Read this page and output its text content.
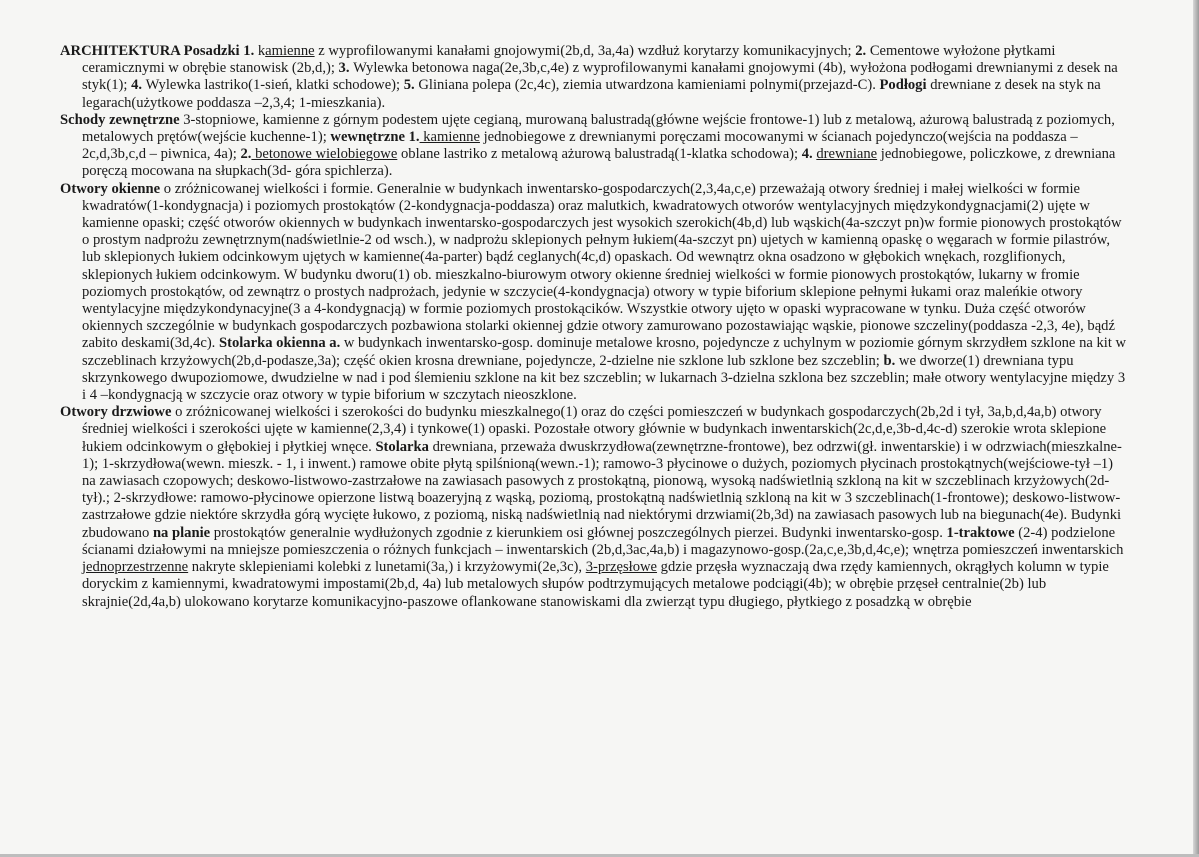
ARCHITEKTURA Posadzki 1. kamienne z wyprofilowanymi kanałami gnojowymi(2b,d, 3a,4a) wzdłuż korytarzy komunikacyjnych; 2. Cementowe wyłożone płytkami ceramicznymi w obrębie stanowisk (2b,d,); 3. Wylewka betonowa naga(2e,3b,c,4e) z wyprofilowanymi kanałami gnojowymi (4b), wyłożona podłogami drewnianymi z desek na styk(1); 4. Wylewka lastriko(1-sień, klatki schodowe); 5. Gliniana polepa (2c,4c), ziemia utwardzona kamieniami polnymi(przejazd-C). Podłogi drewniane z desek na styk na legarach(użytkowe poddasza –2,3,4; 1-mieszkania).

Schody zewnętrzne 3-stopniowe, kamienne z górnym podestem ujęte cegianą, murowaną balustradą(główne wejście frontowe-1) lub z metalową, ażurową balustradą z poziomych, metalowych prętów(wejście kuchenne-1); wewnętrzne 1. kamienne jednobiegowe z drewnianymi poręczami mocowanymi w ścianach pojedynczo(wejścia na poddasza –2c,d,3b,c,d – piwnica, 4a); 2. betonowe wielobiegowe oblane lastriko z metalową ażurową balustradą(1-klatka schodowa); 4. drewniane jednobiegowe, policzkowe, z drewniana poręczą mocowana na słupkach(3d- góra spichlerza).

Otwory okienne o zróżnicowanej wielkości i formie. Generalnie w budynkach inwentarsko-gospodarczych(2,3,4a,c,e) przeważają otwory średniej i małej wielkości w formie kwadratów(1-kondygnacja) i poziomych prostokątów (2-kondygnacja-poddasza) oraz malutkich, kwadratowych otworów wentylacyjnych międzykondygnacjami(2) ujęte w kamienne opaski; część otworów okiennych w budynkach inwentarsko-gospodarczych jest wysokich szerokich(4b,d) lub wąskich(4a-szczyt pn)w formie pionowych prostokątów o prostym nadprożu zewnętrznym(nadświetlnie-2 od wsch.), w nadprożu sklepionych pełnym łukiem(4a-szczyt pn) ujetych w kamienną opaskę o węgarach w formie pilastrów, lub sklepionych łukiem odcinkowym ujętych w kamienne(4a-parter) bądź ceglanych(4c,d) opaskach. Od wewnątrz okna osadzono w głębokich wnękach, rozglifionych, sklepionych łukiem odcinkowym. W budynku dworu(1) ob. mieszkalno-biurowym otwory okienne średniej wielkości w formie pionowych prostokątów, lukarny w fromie poziomych prostokątów, od zewnątrz o prostych nadprożach, jedynie w szczycie(4-kondygnacja) otwory w typie biforium sklepione pełnymi łukami oraz maleńkie otwory wentylacyjne międzykondynacyjne(3 a 4-kondygnacją) w formie poziomych prostokącików. Wszystkie otwory ujęto w opaski wypracowane w tynku. Duża część otworów okiennych szczególnie w budynkach gospodarczych pozbawiona stolarki okiennej gdzie otwory zamurowano pozostawiając wąskie, pionowe szczeliny(poddasza -2,3, 4e), bądź zabito deskami(3d,4c). Stolarka okienna a. w budynkach inwentarsko-gosp. dominuje metalowe krosno, pojedyncze z uchylnym w poziomie górnym skrzydłem szklone na kit w szczeblinach krzyżowych(2b,d-podasze,3a); część okien krosna drewniane, pojedyncze, 2-dzielne nie szklone lub szklone bez szczeblin; b. we dworze(1) drewniana typu skrzynkowego dwupoziomowe, dwudzielne w nad i pod ślemieniu szklone na kit bez szczeblin; w lukarnach 3-dzielna szklona bez szczeblin; małe otwory wentylacyjne między 3 i 4 –kondygnacją w szczycie oraz otwory w typie biforium w szczytach nieoszklone.

Otwory drzwiowe o zróżnicowanej wielkości i szerokości do budynku mieszkalnego(1) oraz do części pomieszczeń w budynkach gospodarczych(2b,2d i tył, 3a,b,d,4a,b) otwory średniej wielkości i szerokości ujęte w kamienne(2,3,4) i tynkowe(1) opaski. Pozostałe otwory głównie w budynkach inwentarskich(2c,d,e,3b-d,4c-d) szerokie wrota sklepione łukiem odcinkowym o głębokiej i płytkiej wnęce. Stolarka drewniana, przeważa dwuskrzydłowa(zewnętrzne-frontowe), bez odrzwi(gł. inwentarskie) i w odrzwiach(mieszkalne-1); 1-skrzydłowa(wewn. mieszk. - 1, i inwent.) ramowe obite płytą spilśnioną(wewn.-1); ramowo-3 płycinowe o dużych, poziomych płycinach prostokątnych(wejściowe-tył –1) na zawiasach czopowych; deskowo-listwowo-zastrzałowe na zawiasach pasowych z prostokątną, pionową, wysoką nadświetlnią szkloną na kit w szczeblinach krzyżowych(2d-tył).; 2-skrzydłowe: ramowo-płycinowe opierzone listwą boazeryjną z wąską, poziomą, prostokątną nadświetlnią szkloną na kit w 3 szczeblinach(1-frontowe); deskowo-listwow-zastrzałowe gdzie niektóre skrzydła górą wycięte łukowo, z poziomą, niską nadświetlnią nad niektórymi drzwiami(2b,3d) na zawiasach pasowych lub na biegunach(4e). Budynki zbudowano na planie prostokątów generalnie wydłużonych zgodnie z kierunkiem osi głównej poszczególnych pierzei. Budynki inwentarsko-gosp. 1-traktowe (2-4) podzielone ścianami działowymi na mniejsze pomieszczenia o różnych funkcjach – inwentarskich (2b,d,3ac,4a,b) i magazynowo-gosp.(2a,c,e,3b,d,4c,e); wnętrza pomieszczeń inwentarskich jednoprzestrzenne nakryte sklepieniami kolebki z lunetami(3a,) i krzyżowymi(2e,3c), 3-przęsłowe gdzie przęsła wyznaczają dwa rzędy kamiennych, okrągłych kolumn w typie doryckim z kamiennymi, kwadratowymi impostami(2b,d, 4a) lub metalowych słupów podtrzymujących metalowe podciągi(4b); w obrębie przęseł centralnie(2b) lub skrajnie(2d,4a,b) ulokowano korytarze komunikacyjno-paszowe oflankowane stanowiskami dla zwierząt typu długiego, płytkiego z posadzką w obrębie
